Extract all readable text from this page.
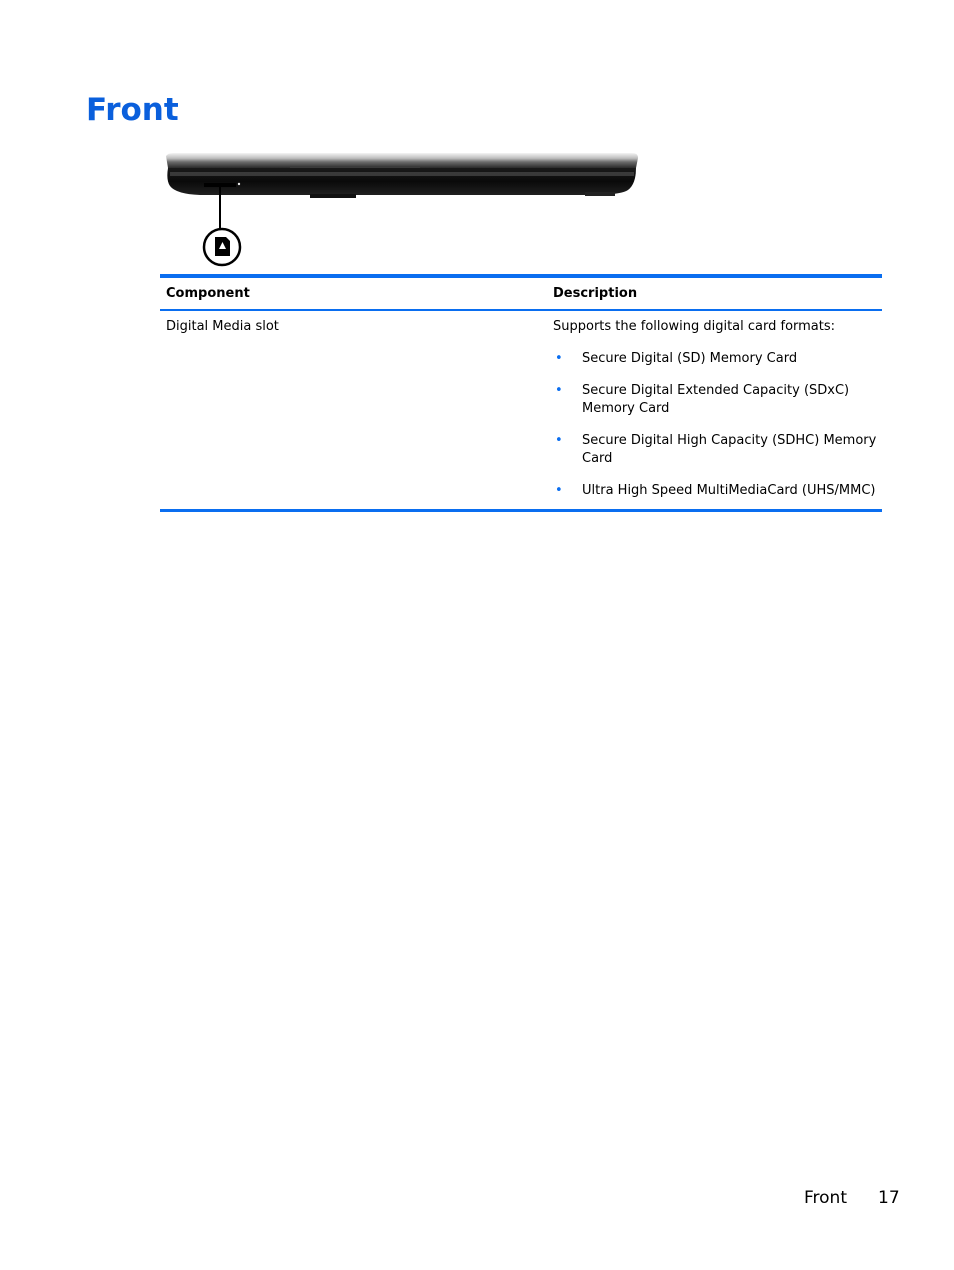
Front
Component	Description
Digital Media slot	Supports the following digital card formats:
• Secure Digital (SD) Memory Card
• Secure Digital Extended Capacity (SDxC) Memory Card
• Secure Digital High Capacity (SDHC) Memory Card
• Ultra High Speed MultiMediaCard (UHS/MMC)
Front 17
